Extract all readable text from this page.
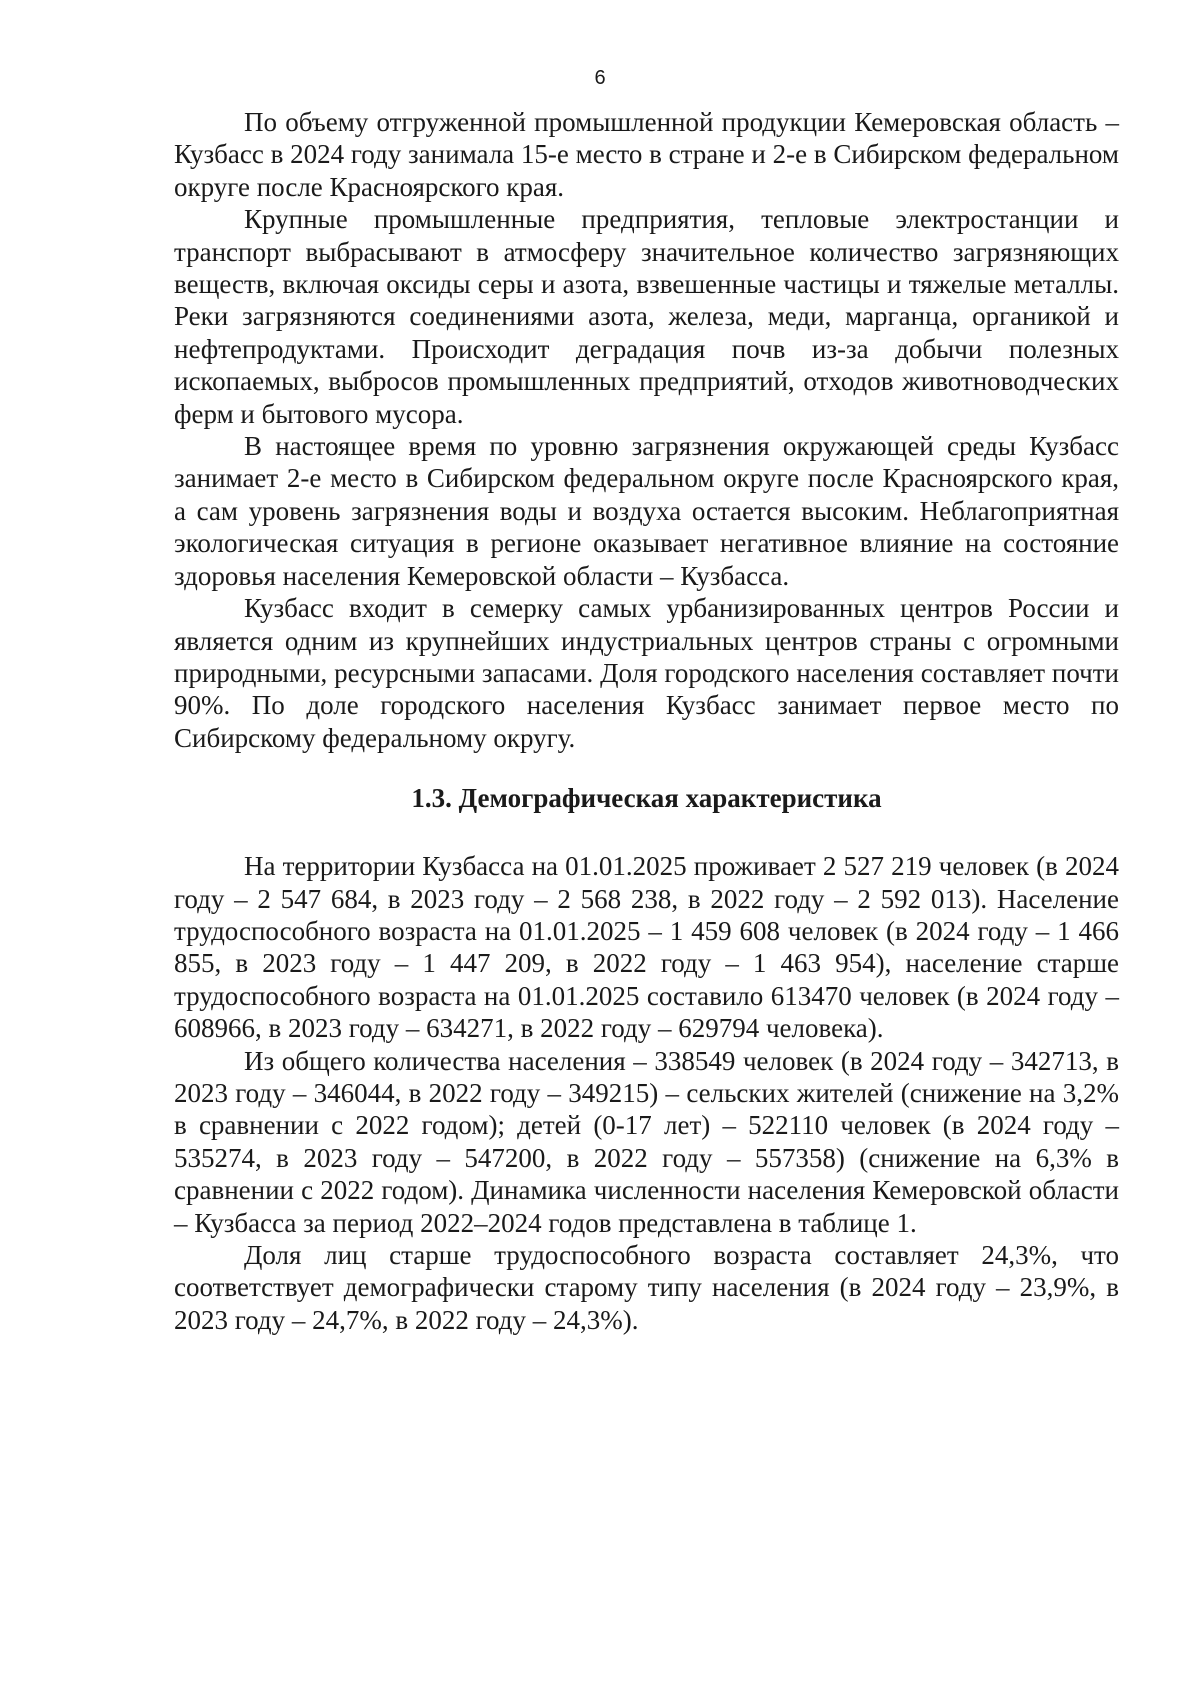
6

По объему отгруженной промышленной продукции Кемеровская область – Кузбасс в 2024 году занимала 15-е место в стране и 2-е в Сибирском федеральном округе после Красноярского края.

Крупные промышленные предприятия, тепловые электростанции и транспорт выбрасывают в атмосферу значительное количество загрязняющих веществ, включая оксиды серы и азота, взвешенные частицы и тяжелые металлы. Реки загрязняются соединениями азота, железа, меди, марганца, органикой и нефтепродуктами. Происходит деградация почв из-за добычи полезных ископаемых, выбросов промышленных предприятий, отходов животноводческих ферм и бытового мусора.

В настоящее время по уровню загрязнения окружающей среды Кузбасс занимает 2-е место в Сибирском федеральном округе после Красноярского края, а сам уровень загрязнения воды и воздуха остается высоким. Неблагоприятная экологическая ситуация в регионе оказывает негативное влияние на состояние здоровья населения Кемеровской области – Кузбасса.

Кузбасс входит в семерку самых урбанизированных центров России и является одним из крупнейших индустриальных центров страны с огромными природными, ресурсными запасами. Доля городского населения составляет почти 90%. По доле городского населения Кузбасс занимает первое место по Сибирскому федеральному округу.

1.3. Демографическая характеристика

На территории Кузбасса на 01.01.2025 проживает 2 527 219 человек (в 2024 году – 2 547 684, в 2023 году – 2 568 238, в 2022 году – 2 592 013). Население трудоспособного возраста на 01.01.2025 – 1 459 608 человек (в 2024 году – 1 466 855, в 2023 году – 1 447 209, в 2022 году – 1 463 954), население старше трудоспособного возраста на 01.01.2025 составило 613470 человек (в 2024 году – 608966, в 2023 году – 634271, в 2022 году – 629794 человека).

Из общего количества населения – 338549 человек (в 2024 году – 342713, в 2023 году – 346044, в 2022 году – 349215) – сельских жителей (снижение на 3,2% в сравнении с 2022 годом); детей (0-17 лет) – 522110 человек (в 2024 году – 535274, в 2023 году – 547200, в 2022 году – 557358) (снижение на 6,3% в сравнении с 2022 годом). Динамика численности населения Кемеровской области – Кузбасса за период 2022–2024 годов представлена в таблице 1.

Доля лиц старше трудоспособного возраста составляет 24,3%, что соответствует демографически старому типу населения (в 2024 году – 23,9%, в 2023 году – 24,7%, в 2022 году – 24,3%).
